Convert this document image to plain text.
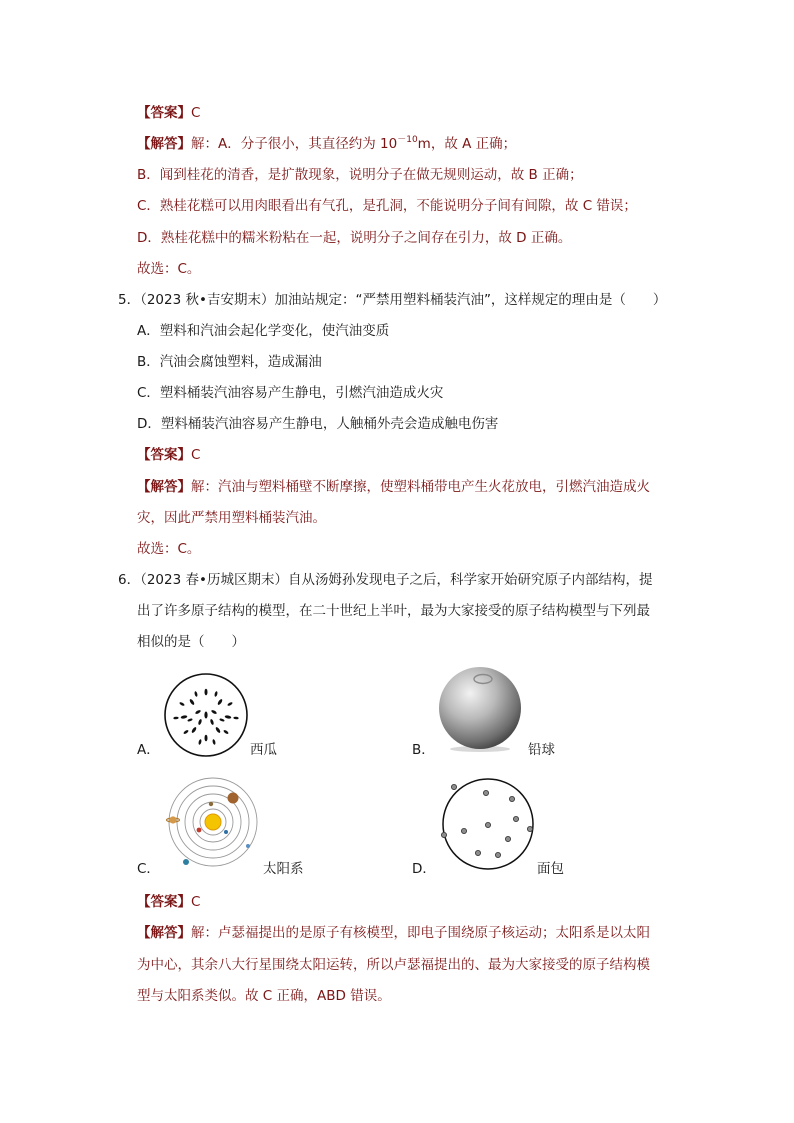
【答案】C
【解答】解：A．分子很小，其直径约为 $10^{-10}m$，故 A 正确；
B．闻到桂花的清香，是扩散现象，说明分子在做无规则运动，故 B 正确；
C．熟桂花糕可以用肉眼看出有气孔，是孔洞，不能说明分子间有间隙，故 C 错误；
D．熟桂花糕中的糯米粉粘在一起，说明分子之间存在引力，故 D 正确。
故选：C。
5．（2023 秋•吉安期末）加油站规定：“严禁用塑料桶装汽油”，这样规定的理由是（　　）
A．塑料和汽油会起化学变化，使汽油变质
B．汽油会腐蚀塑料，造成漏油
C．塑料桶装汽油容易产生静电，引燃汽油造成火灾
D．塑料桶装汽油容易产生静电，人触桶外壳会造成触电伤害
【答案】C
【解答】解：汽油与塑料桶壁不断摩擦，使塑料桶带电产生火花放电，引燃汽油造成火
灾，因此严禁用塑料桶装汽油。
故选：C。
6．（2023 春•历城区期末）自从汤姆孙发现电子之后，科学家开始研究原子内部结构，提
出了许多原子结构的模型，在二十世纪上半叶，最为大家接受的原子结构模型与下列最
相似的是（　　）
A．	西瓜	B．	铅球
C．	太阳系	D．	面包
【答案】C
【解答】解：卢瑟福提出的是原子有核模型，即电子围绕原子核运动；太阳系是以太阳
为中心，其余八大行星围绕太阳运转，所以卢瑟福提出的、最为大家接受的原子结构模
型与太阳系类似。故 C 正确，ABD 错误。
